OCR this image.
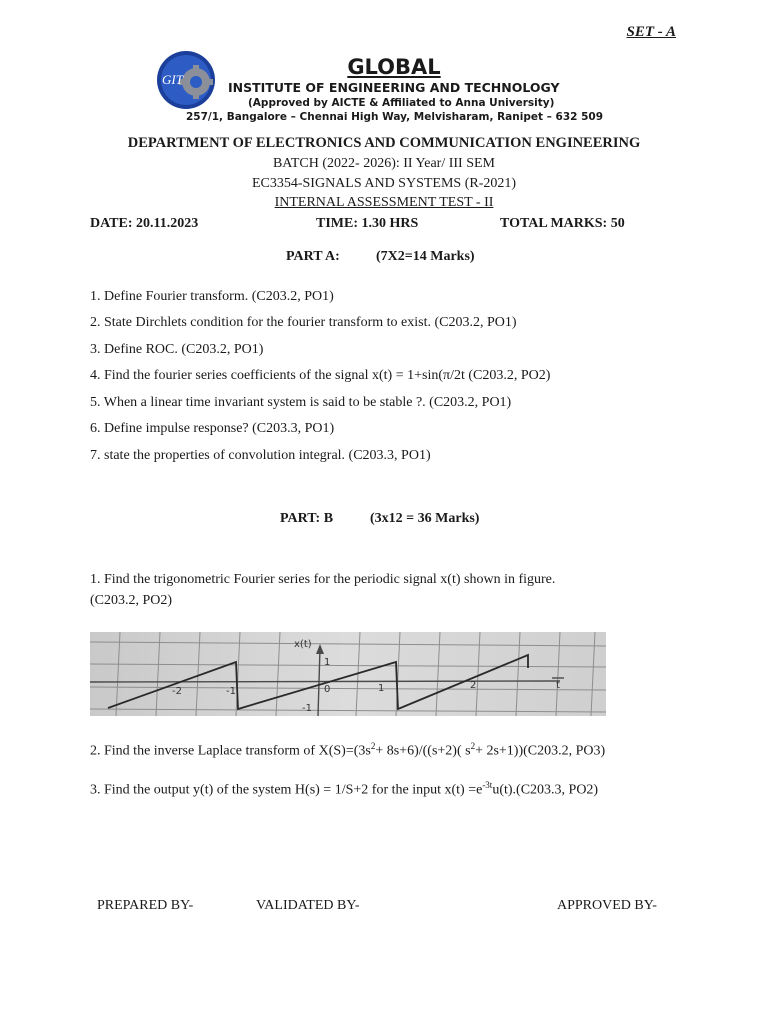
SET - A
GIT
GLOBAL
INSTITUTE OF ENGINEERING AND TECHNOLOGY
(Approved by AICTE & Affiliated to Anna University)
257/1, Bangalore – Chennai High Way, Melvisharam, Ranipet – 632 509
DEPARTMENT OF ELECTRONICS AND COMMUNICATION ENGINEERING
BATCH (2022- 2026): II Year/ III SEM
EC3354-SIGNALS AND SYSTEMS (R-2021)
INTERNAL ASSESSMENT TEST - II
DATE: 20.11.2023	TIME: 1.30 HRS	TOTAL MARKS: 50
PART A:	(7X2=14 Marks)
1. Define Fourier transform. (C203.2, PO1)
2. State Dirchlets condition for the fourier transform to exist. (C203.2, PO1)
3. Define ROC. (C203.2, PO1)
4. Find the fourier series coefficients of the signal x(t) = 1+sin(π/2t (C203.2, PO2)
5. When a linear time invariant system is said to be stable ?. (C203.2, PO1)
6. Define impulse response? (C203.3, PO1)
7. state the properties of convolution integral. (C203.3, PO1)
PART: B	(3x12 = 36 Marks)
1. Find the trigonometric Fourier series for the periodic signal x(t) shown in figure.
(C203.2, PO2)
x(t)
t
-2	-1	0	1	2
1
-1
2. Find the inverse Laplace transform of $X(S)=(3s^2+ 8s+6)/((s+2)$( $s^2+ 2s+1))(C203.2$, PO3)
3. Find the output y(t) of the system H(s) = 1/S+2 for the input $x(t) =e^{-3t}u(t).(C203.3$, PO2)
PREPARED BY-	VALIDATED BY-	APPROVED BY-
